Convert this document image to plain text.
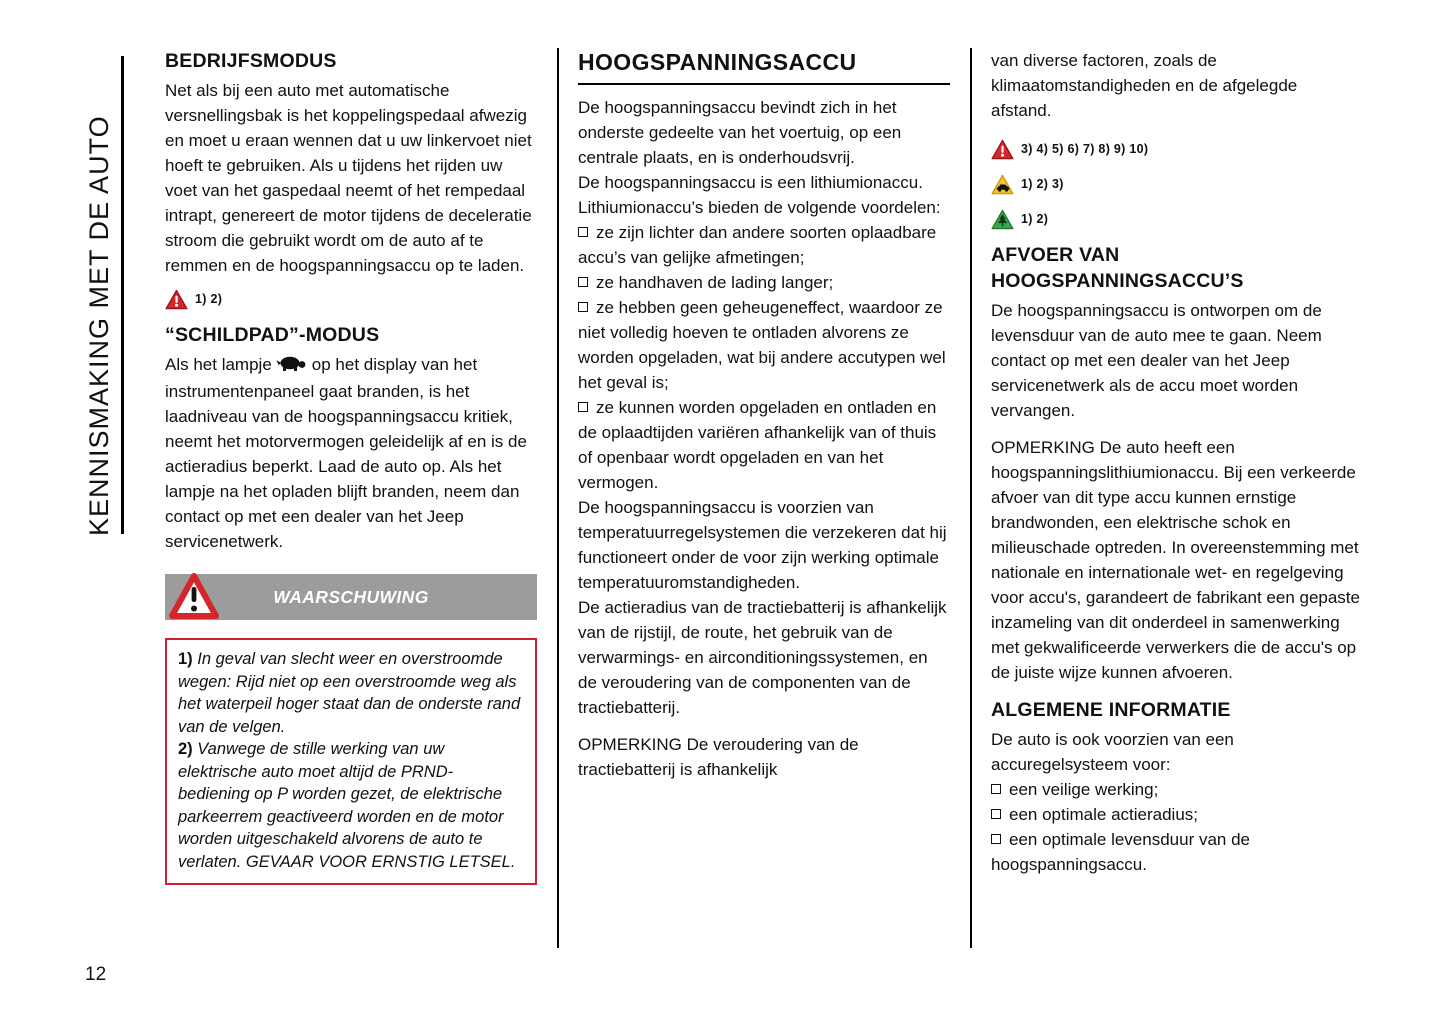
KENNISMAKING MET DE AUTO
12
BEDRIJFSMODUS

Net als bij een auto met automatische versnellingsbak is het koppelingspedaal afwezig en moet u eraan wennen dat u uw linkervoet niet hoeft te gebruiken. Als u tijdens het rijden uw voet van het gaspedaal neemt of het rempedaal intrapt, genereert de motor tijdens de deceleratie stroom die gebruikt wordt om de auto af te remmen en de hoogspanningsaccu op te laden.

1) 2)
“SCHILDPAD”-MODUS

Als het lampje op het display van het instrumentenpaneel gaat branden, is het laadniveau van de hoogspanningsaccu kritiek, neemt het motorvermogen geleidelijk af en is de actieradius beperkt. Laad de auto op. Als het lampje na het opladen blijft branden, neem dan contact op met een dealer van het Jeep servicenetwerk.

WAARSCHUWING
1) In geval van slecht weer en overstroomde wegen: Rijd niet op een overstroomde weg als het waterpeil hoger staat dan de onderste rand van de velgen.
2) Vanwege de stille werking van uw elektrische auto moet altijd de PRND-bediening op P worden gezet, de elektrische parkeerrem geactiveerd worden en de motor worden uitgeschakeld alvorens de auto te verlaten. GEVAAR VOOR ERNSTIG LETSEL.
HOOGSPANNINGSACCU

De hoogspanningsaccu bevindt zich in het onderste gedeelte van het voertuig, op een centrale plaats, en is onderhoudsvrij.

De hoogspanningsaccu is een lithiumionaccu.

Lithiumionaccu’s bieden de volgende voordelen:

ze zijn lichter dan andere soorten oplaadbare accu’s van gelijke afmetingen;

ze handhaven de lading langer;

ze hebben geen geheugeneffect, waardoor ze niet volledig hoeven te ontladen alvorens ze worden opgeladen, wat bij andere accutypen wel het geval is;

ze kunnen worden opgeladen en ontladen en de oplaadtijden variëren afhankelijk van of thuis of openbaar wordt opgeladen en van het vermogen.

De hoogspanningsaccu is voorzien van temperatuurregelsystemen die verzekeren dat hij functioneert onder de voor zijn werking optimale temperatuuromstandigheden.

De actieradius van de tractiebatterij is afhankelijk van de rijstijl, de route, het gebruik van de verwarmings- en airconditioningssystemen, en de veroudering van de componenten van de tractiebatterij.

OPMERKING De veroudering van de tractiebatterij is afhankelijk

van diverse factoren, zoals de klimaatomstandigheden en de afgelegde afstand.

3) 4) 5) 6) 7) 8) 9) 10)
1) 2) 3)
1) 2)
AFVOER VAN HOOGSPANNINGSACCU’S

De hoogspanningsaccu is ontworpen om de levensduur van de auto mee te gaan. Neem contact op met een dealer van het Jeep servicenetwerk als de accu moet worden vervangen.

OPMERKING De auto heeft een hoogspanningslithiumionaccu. Bij een verkeerde afvoer van dit type accu kunnen ernstige brandwonden, een elektrische schok en milieuschade optreden. In overeenstemming met nationale en internationale wet- en regelgeving voor accu's, garandeert de fabrikant een gepaste inzameling van dit onderdeel in samenwerking met gekwalificeerde verwerkers die de accu's op de juiste wijze kunnen afvoeren.

ALGEMENE INFORMATIE

De auto is ook voorzien van een accuregelsysteem voor:

een veilige werking;

een optimale actieradius;

een optimale levensduur van de hoogspanningsaccu.
